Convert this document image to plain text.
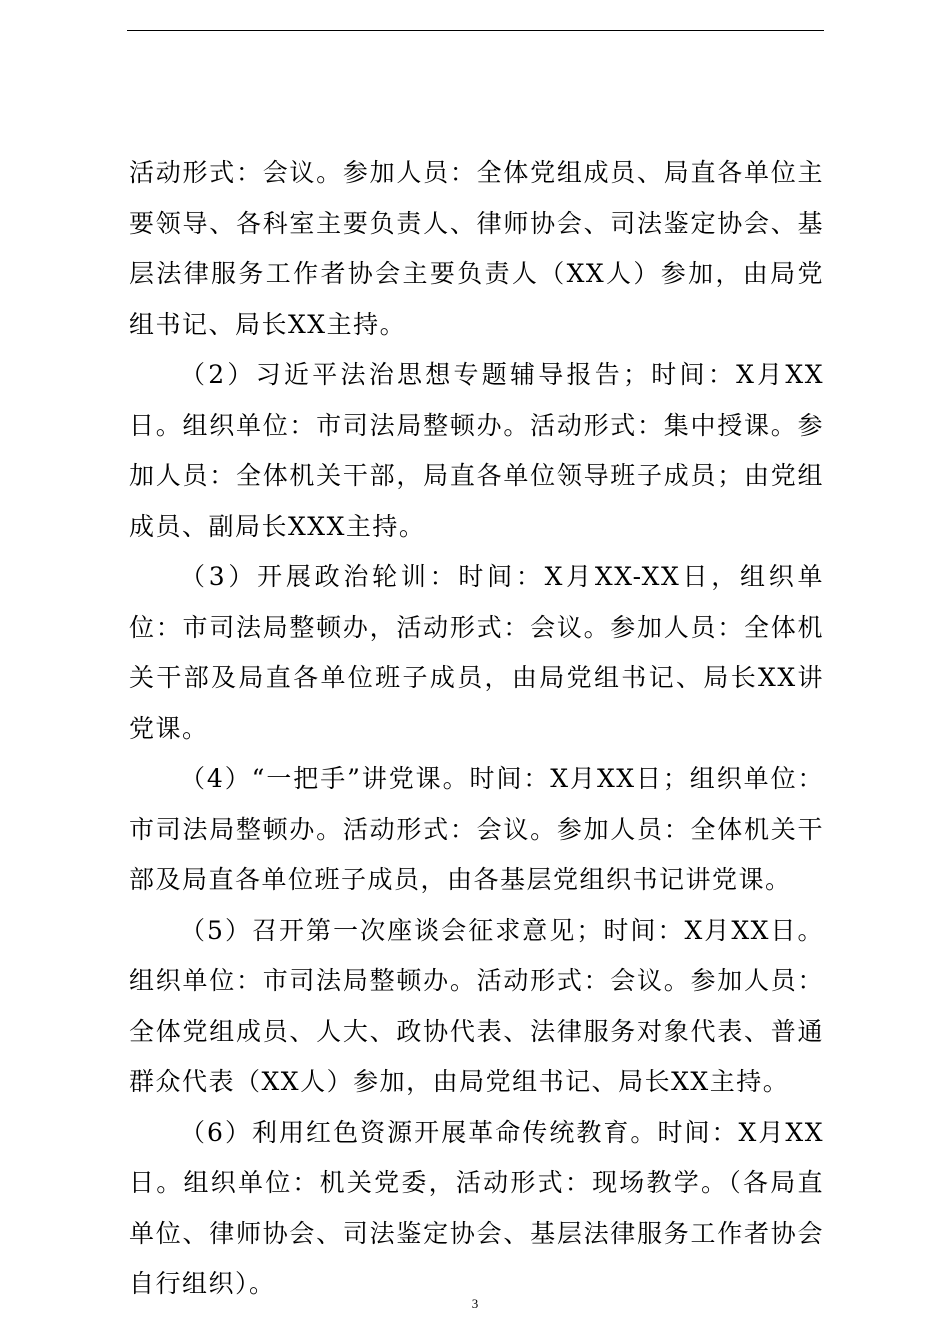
活动形式：会议。参加人员：全体党组成员、局直各单位主要领导、各科室主要负责人、律师协会、司法鉴定协会、基层法律服务工作者协会主要负责人（XX人）参加，由局党组书记、局长XX主持。

（2）习近平法治思想专题辅导报告；时间：X月XX日。组织单位：市司法局整顿办。活动形式：集中授课。参加人员：全体机关干部，局直各单位领导班子成员；由党组成员、副局长XXX主持。

（3）开展政治轮训：时间：X月XX-XX日，组织单位：市司法局整顿办，活动形式：会议。参加人员：全体机关干部及局直各单位班子成员，由局党组书记、局长XX讲党课。

（4）“一把手”讲党课。时间：X月XX日；组织单位：市司法局整顿办。活动形式：会议。参加人员：全体机关干部及局直各单位班子成员，由各基层党组织书记讲党课。

（5）召开第一次座谈会征求意见；时间：X月XX日。组织单位：市司法局整顿办。活动形式：会议。参加人员：全体党组成员、人大、政协代表、法律服务对象代表、普通群众代表（XX人）参加，由局党组书记、局长XX主持。

（6）利用红色资源开展革命传统教育。时间：X月XX日。组织单位：机关党委，活动形式：现场教学。（各局直单位、律师协会、司法鉴定协会、基层法律服务工作者协会自行组织）。

3
